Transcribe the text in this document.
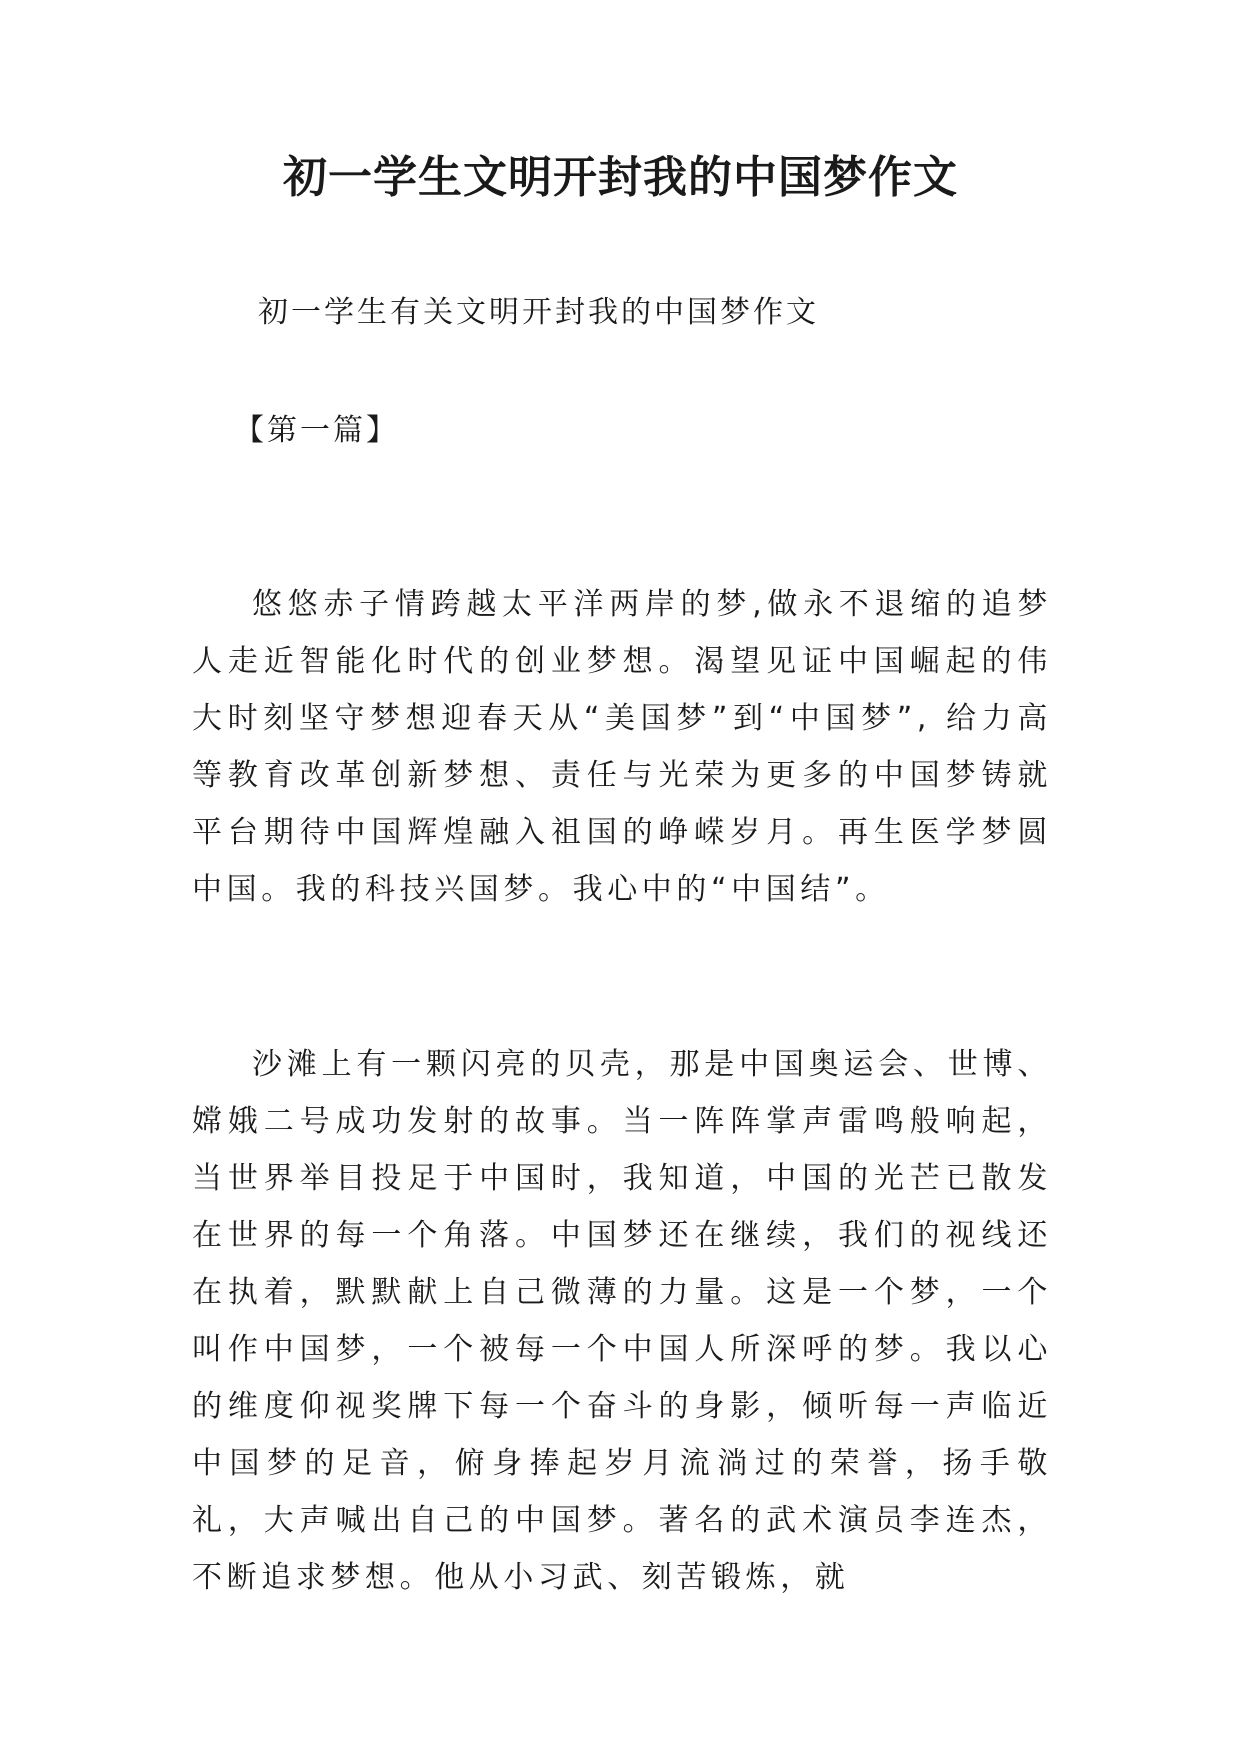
初一学生文明开封我的中国梦作文

初一学生有关文明开封我的中国梦作文

【第一篇】

悠悠赤子情跨越太平洋两岸的梦,做永不退缩的追梦人走近智能化时代的创业梦想。渴望见证中国崛起的伟大时刻坚守梦想迎春天从“美国梦”到“中国梦”, 给力高等教育改革创新梦想、责任与光荣为更多的中国梦铸就平台期待中国辉煌融入祖国的峥嵘岁月。再生医学梦圆中国。我的科技兴国梦。我心中的“中国结”。

沙滩上有一颗闪亮的贝壳，那是中国奥运会、世博、嫦娥二号成功发射的故事。当一阵阵掌声雷鸣般响起，当世界举目投足于中国时，我知道，中国的光芒已散发在世界的每一个角落。中国梦还在继续，我们的视线还在执着，默默献上自己微薄的力量。这是一个梦，一个叫作中国梦，一个被每一个中国人所深呼的梦。我以心的维度仰视奖牌下每一个奋斗的身影，倾听每一声临近中国梦的足音，俯身捧起岁月流淌过的荣誉，扬手敬礼，大声喊出自己的中国梦。著名的武术演员李连杰，不断追求梦想。他从小习武、刻苦锻炼，就
